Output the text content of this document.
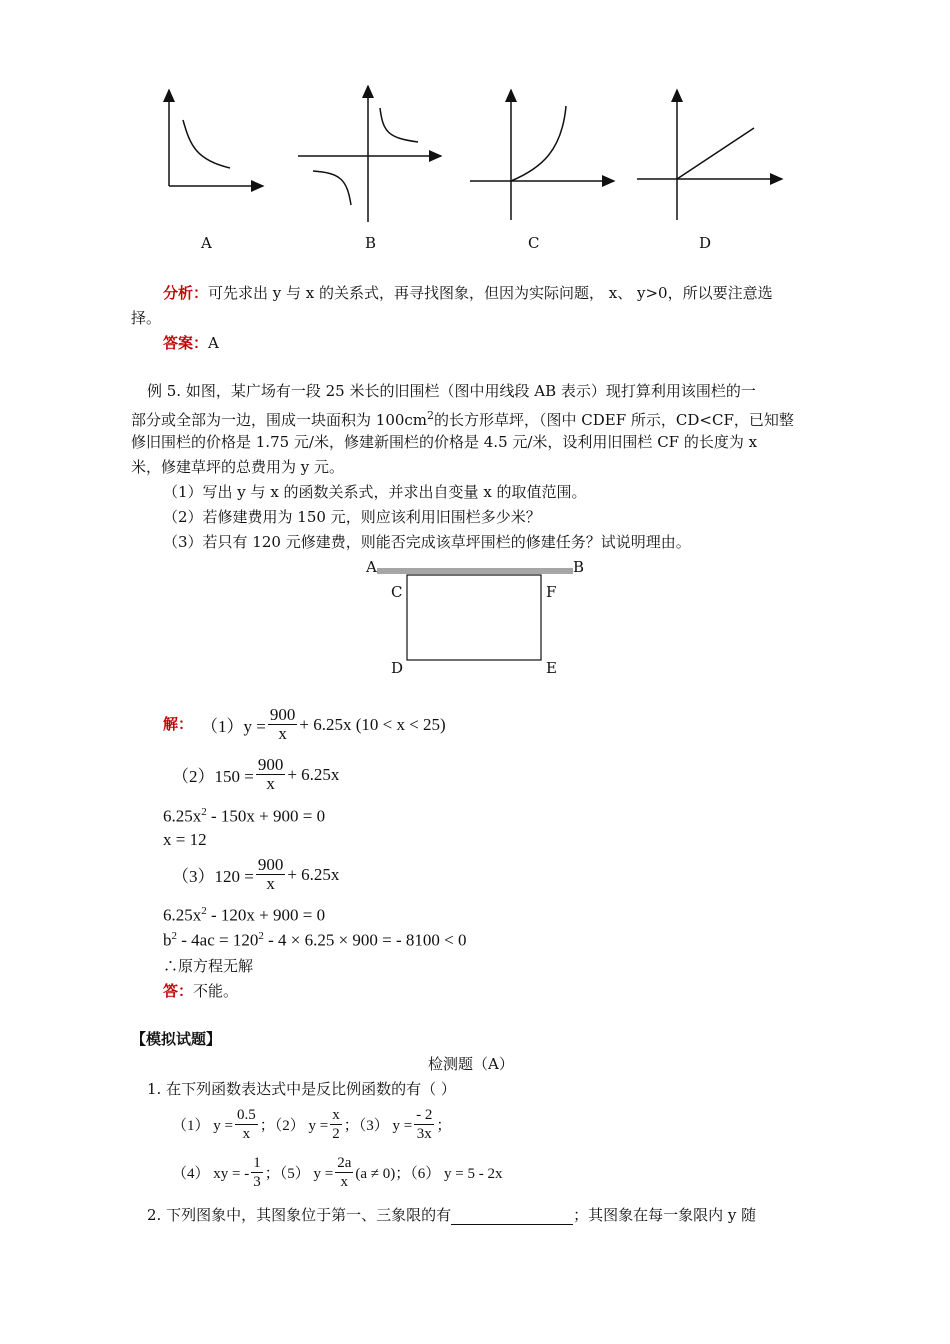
A	B	C	D
分析：可先求出 y 与 x 的关系式，再寻找图象，但因为实际问题， x、 y>0，所以要注意选
择。
答案：A
例 5. 如图，某广场有一段 25 米长的旧围栏（图中用线段 AB 表示）现打算利用该围栏的一
部分或全部为一边，围成一块面积为 $100cm^2$的长方形草坪，（图中 CDEF 所示，CD<CF，已知整
修旧围栏的价格是 1.75 元/米，修建新围栏的价格是 4.5 元/米，设利用旧围栏 CF 的长度为 x
米，修建草坪的总费用为 y 元。
（1）写出 y 与 x 的函数关系式，并求出自变量 x 的取值范围。
（2）若修建费用为 150 元，则应该利用旧围栏多少米？
（3）若只有 120 元修建费，则能否完成该草坪围栏的修建任务？试说明理由。
A	B
C	F
D	E
解： $(1)y = \frac{900}{x} + 6.25x$ (10 < x < 25)
$(2)150 = \frac{900}{x} + 6.25x$
$6.25x^2 - 150x + 900 = 0$
x = 12
$(3)120 = \frac{900}{x} + 6.25x$
$6.25x^2 - 120x + 900 = 0$
$b^2 - 4ac = 120^2 - 4 \times 6.25 \times 900$ = - 8100 < 0
∴原方程无解
答：不能。
【模拟试题】
检测题（A）
1. 在下列函数表达式中是反比例函数的有（ ）
（1） $y = \frac{0.5}{x}$ ；（2） $y = \frac{x}{2}$ ；（3） $y = \frac{- 2}{3x}$ ；
（4） xy = - $\frac{1}{3}$ ；（5） $y = \frac{2a}{x} (a \ne 0)$；（6） y = 5 - 2x
2. 下列图象中，其图象位于第一、三象限的有	；其图象在每一象限内 y 随
